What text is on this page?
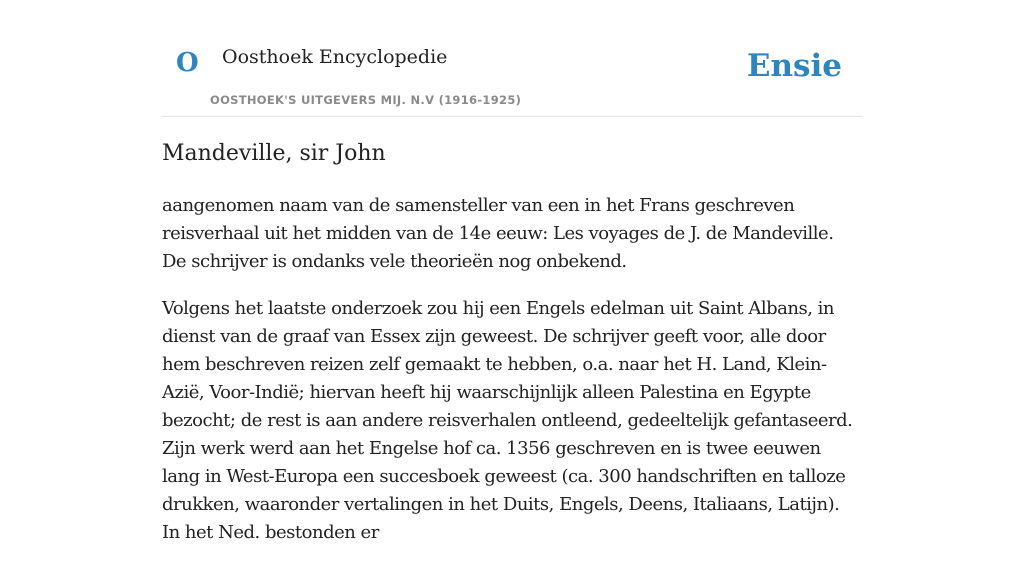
O Oosthoek Encyclopedie
OOSTHOEK'S UITGEVERS MIJ. N.V (1916-1925)
Ensie
Mandeville, sir John

aangenomen naam van de samensteller van een in het Frans geschreven reisverhaal uit het midden van de 14e eeuw: Les voyages de J. de Mandeville. De schrijver is ondanks vele theorieën nog onbekend.

Volgens het laatste onderzoek zou hij een Engels edelman uit Saint Albans, in dienst van de graaf van Essex zijn geweest. De schrijver geeft voor, alle door hem beschreven reizen zelf gemaakt te hebben, o.a. naar het H. Land, Klein-Azië, Voor-Indië; hiervan heeft hij waarschijnlijk alleen Palestina en Egypte bezocht; de rest is aan andere reisverhalen ontleend, gedeeltelijk gefantaseerd. Zijn werk werd aan het Engelse hof ca. 1356 geschreven en is twee eeuwen lang in West-Europa een succesboek geweest (ca. 300 handschriften en talloze drukken, waaronder vertalingen in het Duits, Engels, Deens, Italiaans, Latijn). In het Ned. bestonden er
